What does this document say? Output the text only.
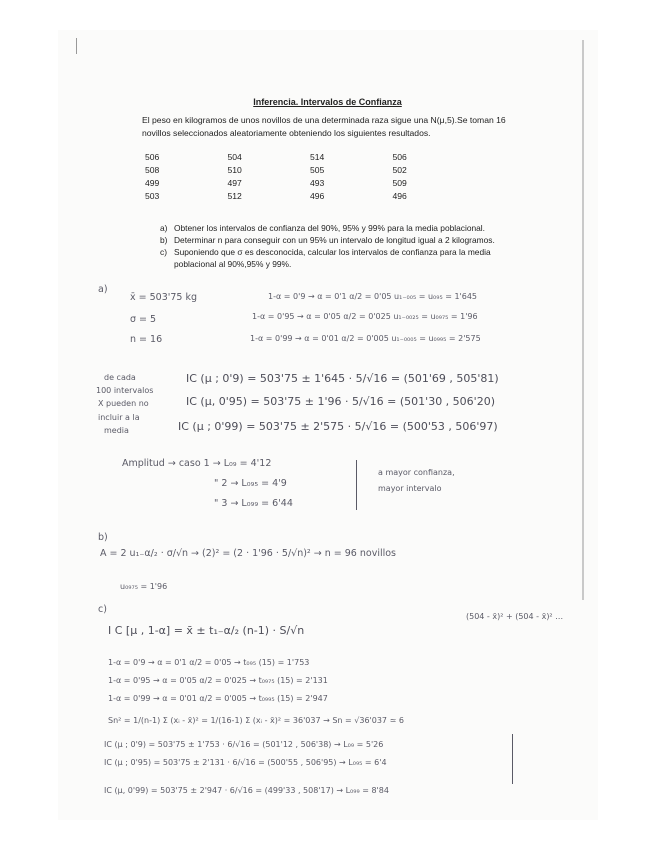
Inferencia. Intervalos de Confianza
El peso en kilogramos de unos novillos de una determinada raza sigue una N(μ,5).Se toman 16 novillos seleccionados aleatoriamente obteniendo los siguientes resultados.
506	504	514	506
508	510	505	502
499	497	493	509
503	512	496	496
a) Obtener los intervalos de confianza del 90%, 95% y 99% para la media poblacional.
b) Determinar n para conseguir con un 95% un intervalo de longitud igual a 2 kilogramos.
c) Suponiendo que σ es desconocida, calcular los intervalos de confianza para la media poblacional al 90%,95% y 99%.
a)
x̄ = 503'75 kg
σ = 5
n = 16
1-α = 0'9 → α = 0'1 α/2 = 0'05 u₁₋₀₀₅ = u₀₉₅ = 1'645
1-α = 0'95 → α = 0'05 α/2 = 0'025 u₁₋₀₀₂₅ = u₀₉₇₅ = 1'96
1-α = 0'99 → α = 0'01 α/2 = 0'005 u₁₋₀₀₀₅ = u₀₉₉₅ = 2'575
IC (μ ; 0'9) = 503'75 ± 1'645 · 5/√16 = (501'69 , 505'81)
IC (μ, 0'95) = 503'75 ± 1'96 · 5/√16 = (501'30 , 506'20)
IC (μ ; 0'99) = 503'75 ± 2'575 · 5/√16 = (500'53 , 506'97)
de cada
100 intervalos
X pueden no
incluir a la
media
Amplitud → caso 1 → L₀₉ = 4'12
" 2 → L₀₉₅ = 4'9
" 3 → L₀₉₉ = 6'44
a mayor confianza,
mayor intervalo
b)
A = 2 u₁₋α/₂ · σ/√n → (2)² = (2 · 1'96 · 5/√n)² → n = 96 novillos
u₀₉₇₅ = 1'96
c)
I C [μ , 1-α] = x̄ ± t₁₋α/₂ (n-1) · S/√n
(504 - x̄)² + (504 - x̄)² …
1-α = 0'9 → α = 0'1 α/2 = 0'05 → t₀₉₅ (15) = 1'753
1-α = 0'95 → α = 0'05 α/2 = 0'025 → t₀₉₇₅ (15) = 2'131
1-α = 0'99 → α = 0'01 α/2 = 0'005 → t₀₉₉₅ (15) = 2'947
Sn² = 1/(n-1) Σ (xᵢ - x̄)² = 1/(16-1) Σ (xᵢ - x̄)² = 36'037 → Sn = √36'037 ≃ 6
IC (μ ; 0'9) = 503'75 ± 1'753 · 6/√16 = (501'12 , 506'38) → L₀₉ = 5'26
IC (μ ; 0'95) = 503'75 ± 2'131 · 6/√16 = (500'55 , 506'95) → L₀₉₅ = 6'4
IC (μ, 0'99) = 503'75 ± 2'947 · 6/√16 = (499'33 , 508'17) → L₀₉₉ = 8'84
